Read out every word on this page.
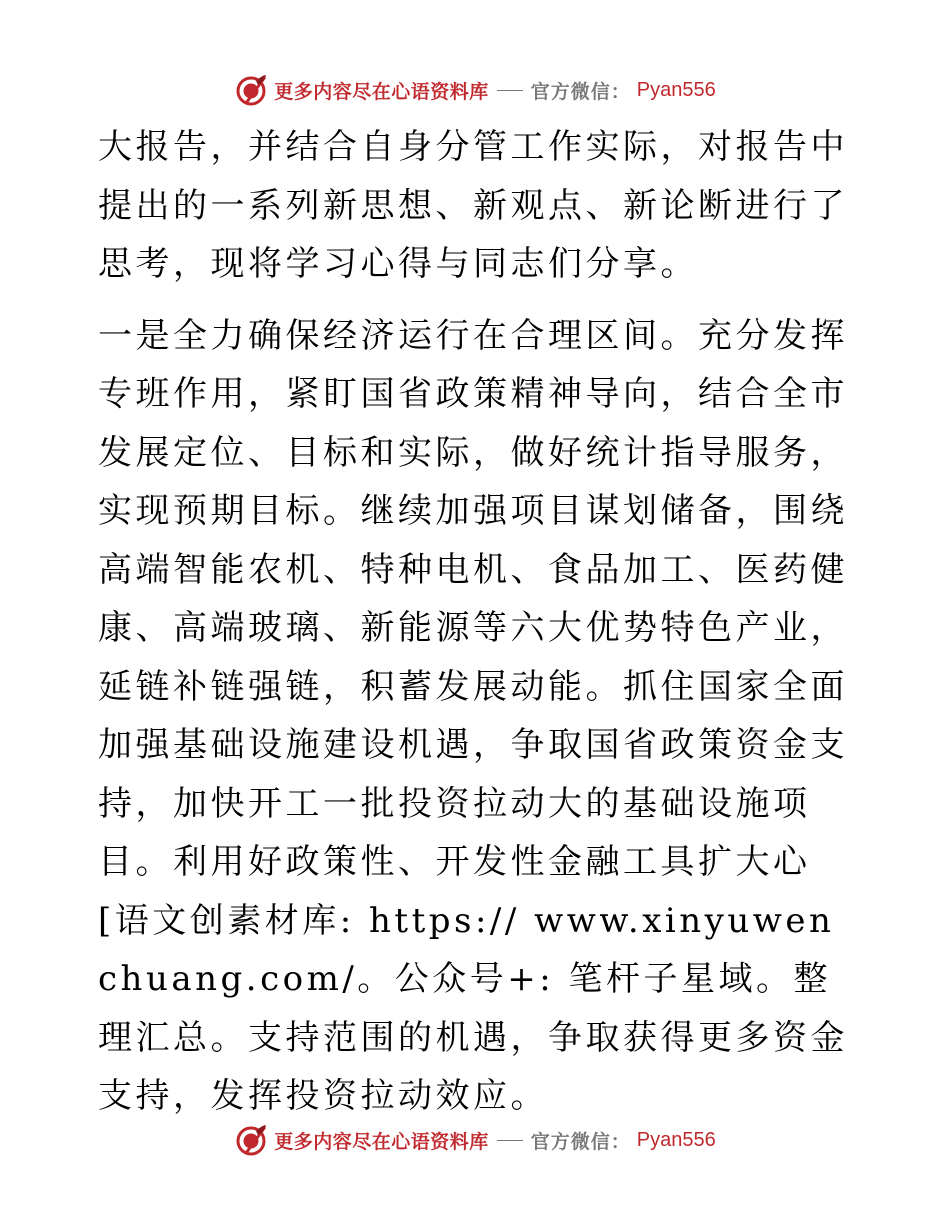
更多内容尽在心语资料库 官方微信： Pyan556

大报告，并结合自身分管工作实际，对报告中提出的一系列新思想、新观点、新论断进行了思考，现将学习心得与同志们分享。

一是全力确保经济运行在合理区间。充分发挥专班作用，紧盯国省政策精神导向，结合全市发展定位、目标和实际，做好统计指导服务，实现预期目标。继续加强项目谋划储备，围绕高端智能农机、特种电机、食品加工、医药健康、高端玻璃、新能源等六大优势特色产业，延链补链强链，积蓄发展动能。抓住国家全面加强基础设施建设机遇，争取国省政策资金支持，加快开工一批投资拉动大的基础设施项目。利用好政策性、开发性金融工具扩大心[语文创素材库: https:// www.xinyuwenchuang.com/。公众号+: 笔杆子星域。整理汇总。支持范围的机遇，争取获得更多资金支持，发挥投资拉动效应。

更多内容尽在心语资料库 官方微信： Pyan556
